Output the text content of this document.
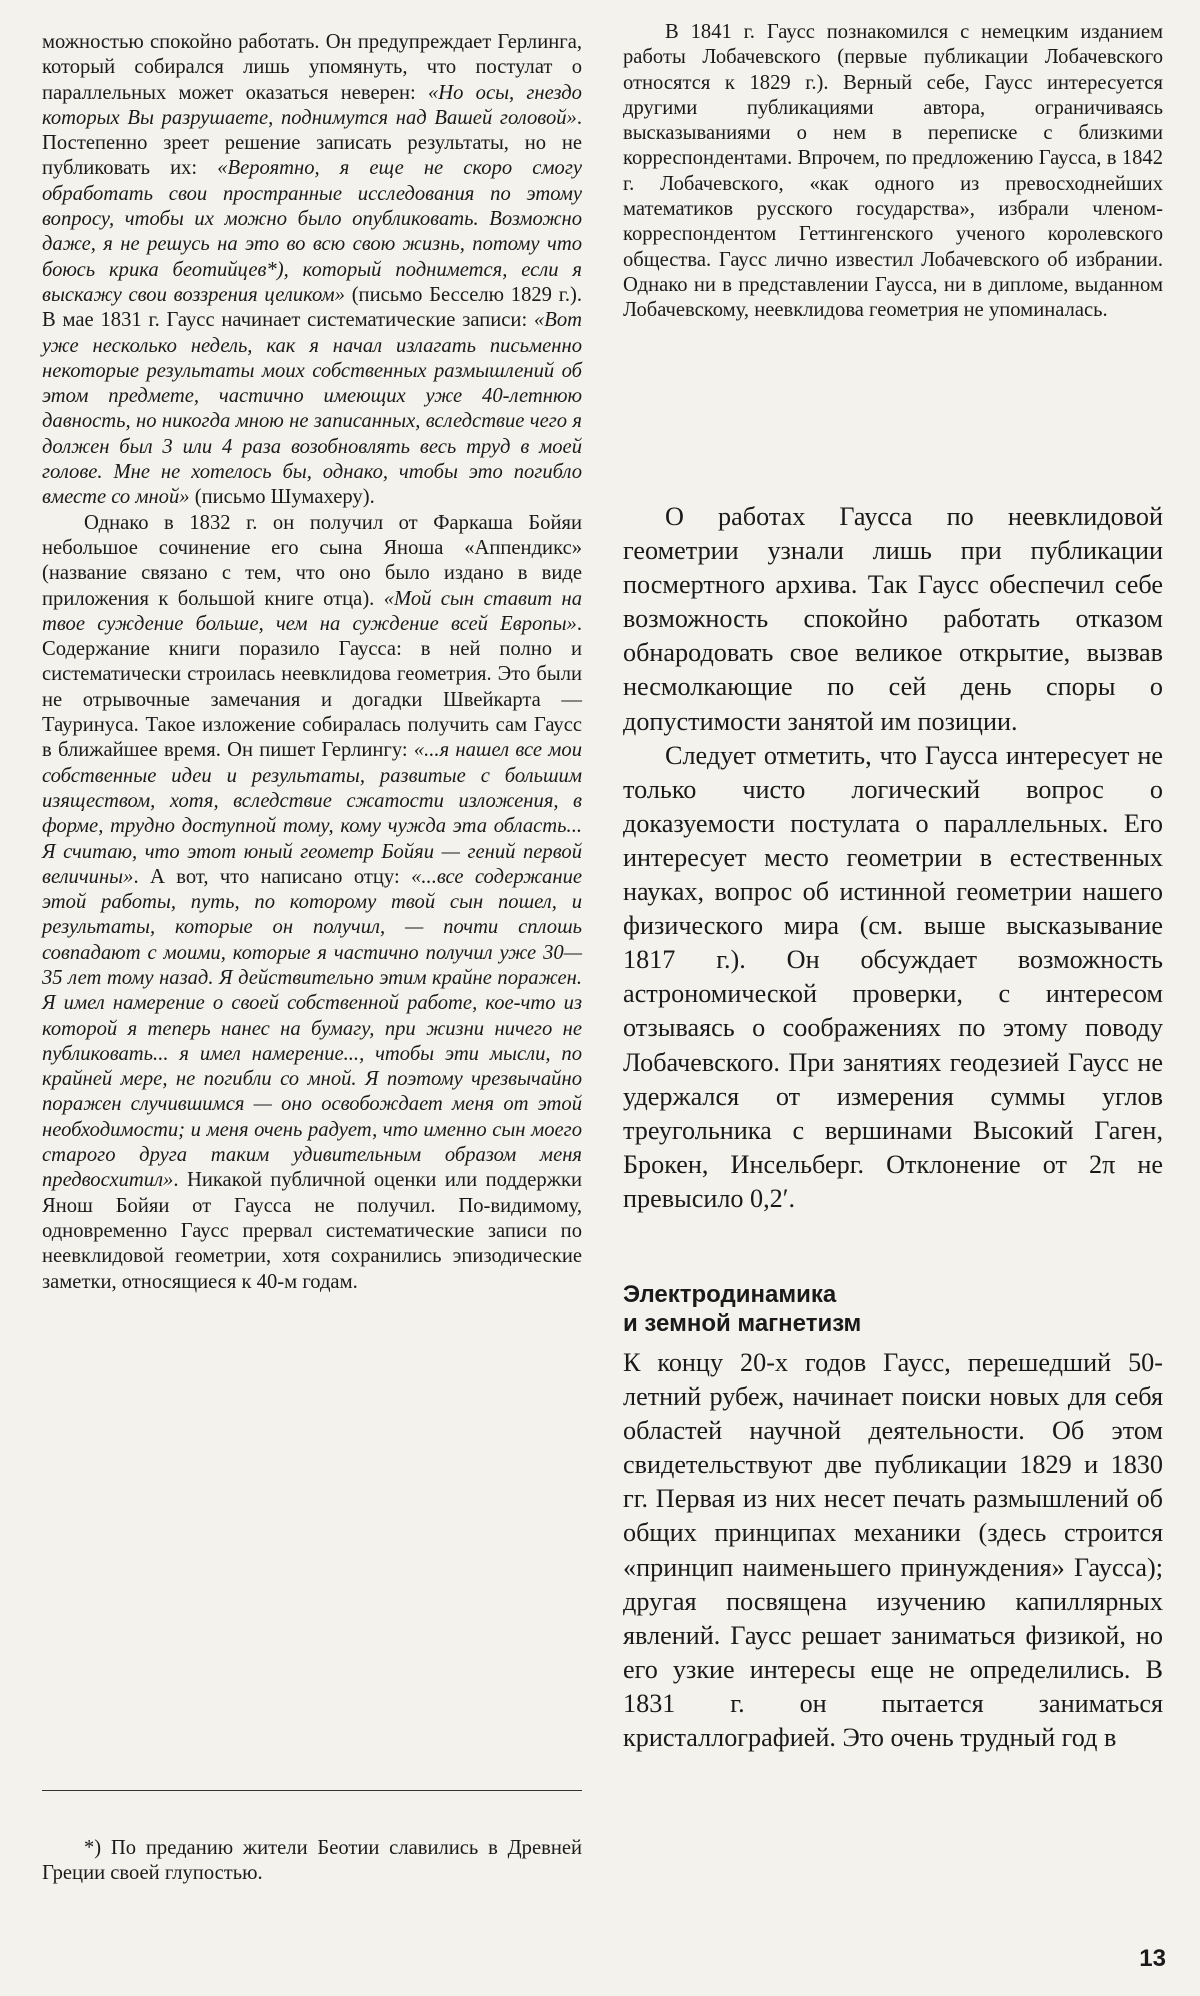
можностью спокойно работать. Он предупреждает Герлинга, который собирался лишь упомянуть, что постулат о параллельных может оказаться неверен: «Но осы, гнездо которых Вы разрушаете, поднимутся над Вашей головой». Постепенно зреет решение записать результаты, но не публиковать их: «Вероятно, я еще не скоро смогу обработать свои пространные исследования по этому вопросу, чтобы их можно было опубликовать. Возможно даже, я не решусь на это во всю свою жизнь, потому что боюсь крика беотийцев*), который поднимется, если я выскажу свои воззрения целиком» (письмо Бесселю 1829 г.). В мае 1831 г. Гаусс начинает систематические записи: «Вот уже несколько недель, как я начал излагать письменно некоторые результаты моих собственных размышлений об этом предмете, частично имеющих уже 40-летнюю давность, но никогда мною не записанных, вследствие чего я должен был 3 или 4 раза возобновлять весь труд в моей голове. Мне не хотелось бы, однако, чтобы это погибло вместе со мной» (письмо Шумахеру).

Однако в 1832 г. он получил от Фаркаша Бойяи небольшое сочинение его сына Яноша «Аппендикс» (название связано с тем, что оно было издано в виде приложения к большой книге отца). «Мой сын ставит на твое суждение больше, чем на суждение всей Европы». Содержание книги поразило Гаусса: в ней полно и систематически строилась неевклидова геометрия. Это были не отрывочные замечания и догадки Швейкарта — Тауринуса. Такое изложение собиралась получить сам Гаусс в ближайшее время. Он пишет Герлингу: «...я нашел все мои собственные идеи и результаты, развитые с большим изяществом, хотя, вследствие сжатости изложения, в форме, трудно доступной тому, кому чужда эта область... Я считаю, что этот юный геометр Бойяи — гений первой величины». А вот, что написано отцу: «...все содержание этой работы, путь, по которому твой сын пошел, и результаты, которые он получил, — почти сплошь совпадают с моими, которые я частично получил уже 30—35 лет тому назад. Я действительно этим крайне поражен. Я имел намерение о своей собственной работе, кое-что из которой я теперь нанес на бумагу, при жизни ничего не публиковать... я имел намерение..., чтобы эти мысли, по крайней мере, не погибли со мной. Я поэтому чрезвычайно поражен случившимся — оно освобождает меня от этой необходимости; и меня очень радует, что именно сын моего старого друга таким удивительным образом меня предвосхитил». Никакой публичной оценки или поддержки Янош Бойяи от Гаусса не получил. По-видимому, одновременно Гаусс прервал систематические записи по неевклидовой геометрии, хотя сохранились эпизодические заметки, относящиеся к 40-м годам.

*) По преданию жители Беотии славились в Древней Греции своей глупостью.

В 1841 г. Гаусс познакомился с немецким изданием работы Лобачевского (первые публикации Лобачевского относятся к 1829 г.). Верный себе, Гаусс интересуется другими публикациями автора, ограничиваясь высказываниями о нем в переписке с близкими корреспондентами. Впрочем, по предложению Гаусса, в 1842 г. Лобачевского, «как одного из превосходнейших математиков русского государства», избрали членом-корреспондентом Геттингенского ученого королевского общества. Гаусс лично известил Лобачевского об избрании. Однако ни в представлении Гаусса, ни в дипломе, выданном Лобачевскому, неевклидова геометрия не упоминалась.

О работах Гаусса по неевклидовой геометрии узнали лишь при публикации посмертного архива. Так Гаусс обеспечил себе возможность спокойно работать отказом обнародовать свое великое открытие, вызвав несмолкающие по сей день споры о допустимости занятой им позиции.

Следует отметить, что Гаусса интересует не только чисто логический вопрос о доказуемости постулата о параллельных. Его интересует место геометрии в естественных науках, вопрос об истинной геометрии нашего физического мира (см. выше высказывание 1817 г.). Он обсуждает возможность астрономической проверки, с интересом отзываясь о соображениях по этому поводу Лобачевского. При занятиях геодезией Гаусс не удержался от измерения суммы углов треугольника с вершинами Высокий Гаген, Брокен, Инсельберг. Отклонение от 2π не превысило 0,2′.

Электродинамика
и земной магнетизм

К концу 20-х годов Гаусс, перешедший 50-летний рубеж, начинает поиски новых для себя областей научной деятельности. Об этом свидетельствуют две публикации 1829 и 1830 гг. Первая из них несет печать размышлений об общих принципах механики (здесь строится «принцип наименьшего принуждения» Гаусса); другая посвящена изучению капиллярных явлений. Гаусс решает заниматься физикой, но его узкие интересы еще не определились. В 1831 г. он пытается заниматься кристаллографией. Это очень трудный год в

13
